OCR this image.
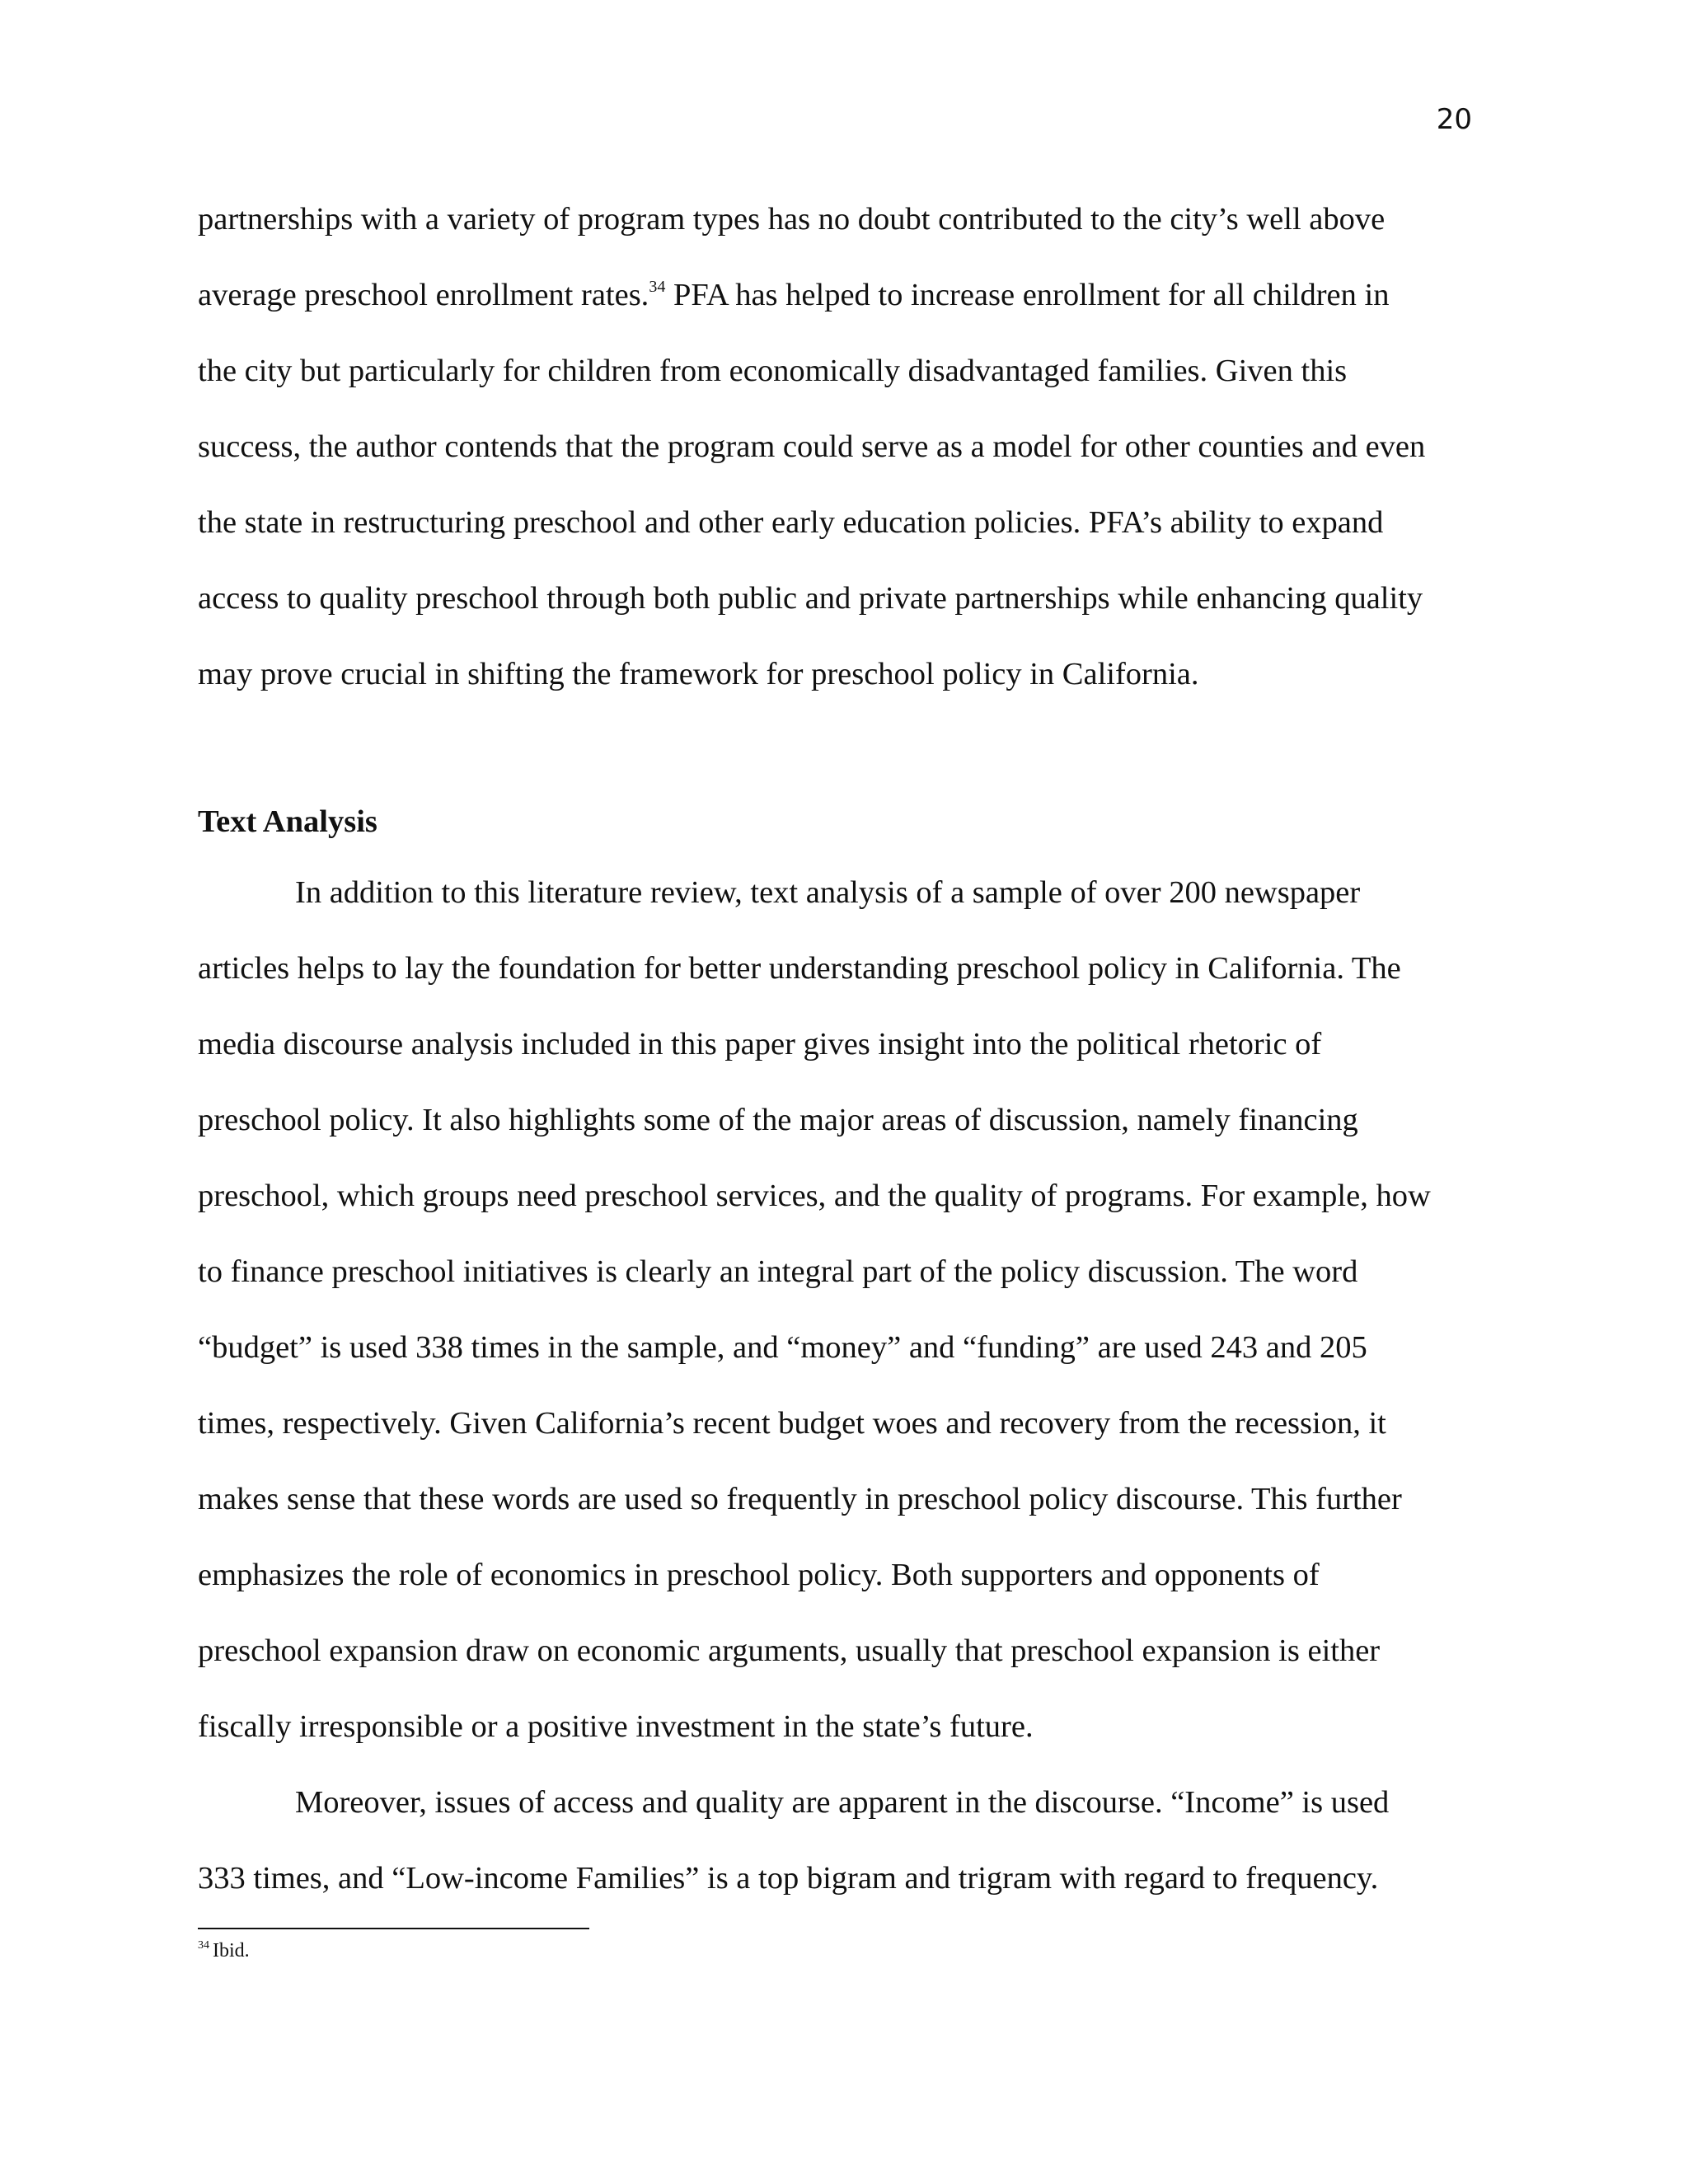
20
partnerships with a variety of program types has no doubt contributed to the city’s well above
average preschool enrollment rates.$^{34}$ PFA has helped to increase enrollment for all children in
the city but particularly for children from economically disadvantaged families. Given this
success, the author contends that the program could serve as a model for other counties and even
the state in restructuring preschool and other early education policies. PFA’s ability to expand
access to quality preschool through both public and private partnerships while enhancing quality
may prove crucial in shifting the framework for preschool policy in California.
Text Analysis
In addition to this literature review, text analysis of a sample of over 200 newspaper
articles helps to lay the foundation for better understanding preschool policy in California. The
media discourse analysis included in this paper gives insight into the political rhetoric of
preschool policy. It also highlights some of the major areas of discussion, namely financing
preschool, which groups need preschool services, and the quality of programs. For example, how
to finance preschool initiatives is clearly an integral part of the policy discussion. The word
“budget” is used 338 times in the sample, and “money” and “funding” are used 243 and 205
times, respectively. Given California’s recent budget woes and recovery from the recession, it
makes sense that these words are used so frequently in preschool policy discourse. This further
emphasizes the role of economics in preschool policy. Both supporters and opponents of
preschool expansion draw on economic arguments, usually that preschool expansion is either
fiscally irresponsible or a positive investment in the state’s future.
Moreover, issues of access and quality are apparent in the discourse. “Income” is used
333 times, and “Low-income Families” is a top bigram and trigram with regard to frequency.
$^{34}$ Ibid.
